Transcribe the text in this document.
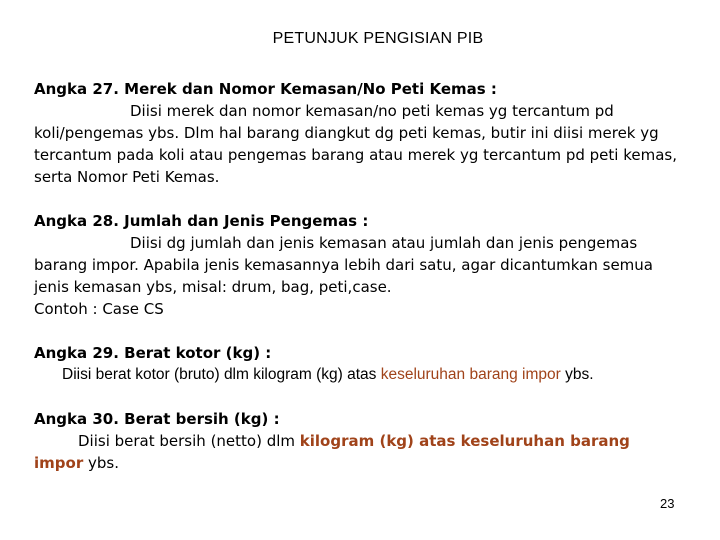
PETUNJUK PENGISIAN PIB
Angka 27. Merek dan Nomor Kemasan/No Peti Kemas :
Diisi merek dan nomor kemasan/no peti kemas yg tercantum pd
koli/pengemas ybs. Dlm hal barang diangkut dg peti kemas, butir ini diisi merek yg tercantum pada koli atau pengemas barang atau merek yg tercantum pd peti kemas, serta Nomor Peti Kemas.
Angka 28. Jumlah dan Jenis Pengemas :
Diisi dg jumlah dan jenis kemasan atau jumlah dan jenis pengemas
barang impor. Apabila jenis kemasannya lebih dari satu, agar dicantumkan semua jenis kemasan ybs, misal: drum, bag, peti,case.
Contoh : Case CS
Angka 29. Berat kotor (kg) :
Diisi berat kotor (bruto) dlm kilogram (kg) atas keseluruhan barang impor ybs.
Angka 30. Berat bersih (kg) :
Diisi berat bersih (netto) dlm kilogram (kg) atas keseluruhan barang
impor ybs.
23
